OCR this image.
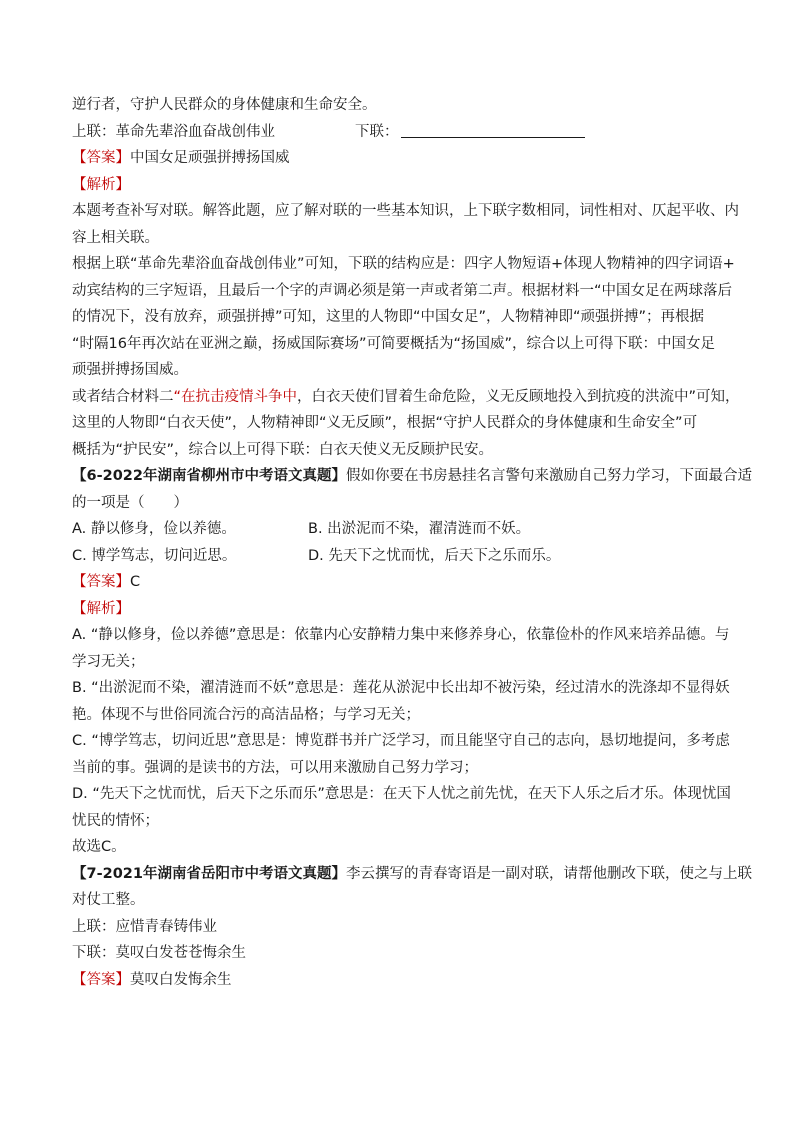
逆行者，守护人民群众的身体健康和生命安全。
上联：革命先辈浴血奋战创伟业	下联：
【答案】中国女足顽强拼搏扬国威
【解析】
本题考查补写对联。解答此题，应了解对联的一些基本知识，上下联字数相同，词性相对、仄起平收、内
容上相关联。
根据上联“革命先辈浴血奋战创伟业”可知，下联的结构应是：四字人物短语+体现人物精神的四字词语+
动宾结构的三字短语，且最后一个字的声调必须是第一声或者第二声。根据材料一“中国女足在两球落后
的情况下，没有放弃，顽强拼搏”可知，这里的人物即“中国女足”，人物精神即“顽强拼搏”；再根据
“时隔16年再次站在亚洲之巅，扬威国际赛场”可简要概括为“扬国威”，综合以上可得下联：中国女足
顽强拼搏扬国威。
或者结合材料二“在抗击疫情斗争中，白衣天使们冒着生命危险，义无反顾地投入到抗疫的洪流中”可知，
这里的人物即“白衣天使”，人物精神即“义无反顾”，根据“守护人民群众的身体健康和生命安全”可
概括为“护民安”，综合以上可得下联：白衣天使义无反顾护民安。
【6-2022年湖南省柳州市中考语文真题】假如你要在书房悬挂名言警句来激励自己努力学习，下面最合适
的一项是（　　）
A. 静以修身，俭以养德。	B. 出淤泥而不染，濯清涟而不妖。
C. 博学笃志，切问近思。	D. 先天下之忧而忧，后天下之乐而乐。
【答案】C
【解析】
A. “静以修身，俭以养德”意思是：依靠内心安静精力集中来修养身心，依靠俭朴的作风来培养品德。与
学习无关；
B. “出淤泥而不染，濯清涟而不妖”意思是：莲花从淤泥中长出却不被污染，经过清水的洗涤却不显得妖
艳。体现不与世俗同流合污的高洁品格；与学习无关；
C. “博学笃志，切问近思”意思是：博览群书并广泛学习，而且能坚守自己的志向，恳切地提问，多考虑
当前的事。强调的是读书的方法，可以用来激励自己努力学习；
D. “先天下之忧而忧，后天下之乐而乐”意思是：在天下人忧之前先忧，在天下人乐之后才乐。体现忧国
忧民的情怀；
故选C。
【7-2021年湖南省岳阳市中考语文真题】李云撰写的青春寄语是一副对联，请帮他删改下联，使之与上联
对仗工整。
上联：应惜青春铸伟业
下联：莫叹白发苍苍悔余生
【答案】莫叹白发悔余生
